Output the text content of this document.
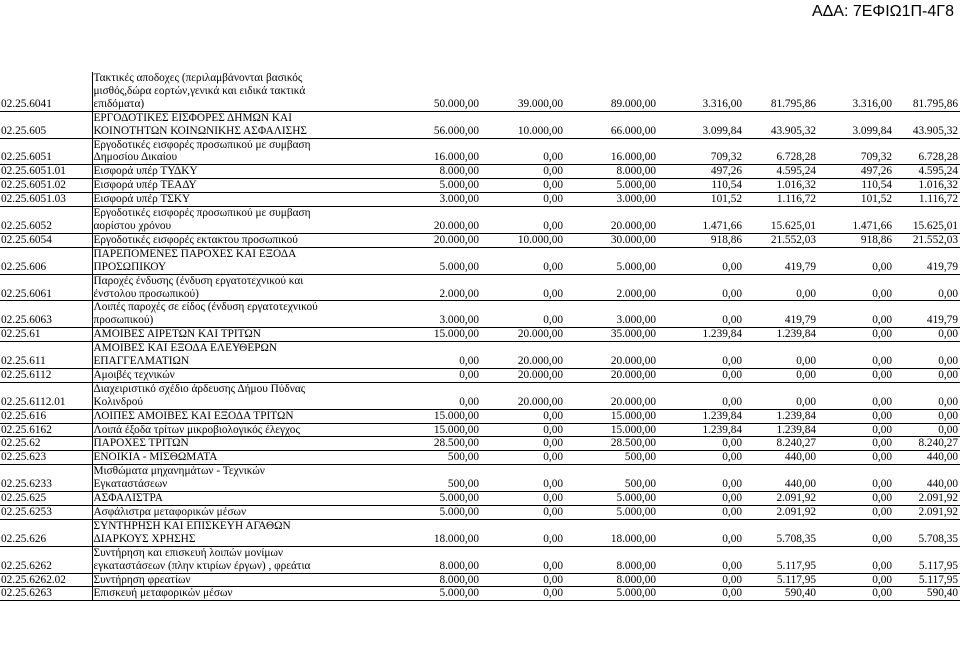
ΑΔΑ: 7ΕΦΙΩ1Π-4Γ8
02.25.6041	Τακτικές αποδοχες (περιλαμβάνονται βασικός
μισθός,δώρα εορτών,γενικά και ειδικά τακτικά
επιδόματα)	50.000,00	39.000,00	89.000,00	3.316,00	81.795,86	3.316,00	81.795,86
02.25.605	ΕΡΓΟΔΟΤΙΚΕΣ ΕΙΣΦΟΡΕΣ ΔΗΜΩΝ ΚΑΙ
ΚΟΙΝΟΤΗΤΩΝ ΚΟΙΝΩΝΙΚΗΣ ΑΣΦΑΛΙΣΗΣ	56.000,00	10.000,00	66.000,00	3.099,84	43.905,32	3.099,84	43.905,32
02.25.6051	Εργοδοτικές εισφορές προσωπικού με συμβαση
Δημοσίου Δικαίου	16.000,00	0,00	16.000,00	709,32	6.728,28	709,32	6.728,28
02.25.6051.01	Εισφορά υπέρ ΤΥΔΚΥ	8.000,00	0,00	8.000,00	497,26	4.595,24	497,26	4.595,24
02.25.6051.02	Εισφορά υπέρ ΤΕΑΔΥ	5.000,00	0,00	5.000,00	110,54	1.016,32	110,54	1.016,32
02.25.6051.03	Εισφορά υπέρ ΤΣΚΥ	3.000,00	0,00	3.000,00	101,52	1.116,72	101,52	1.116,72
02.25.6052	Εργοδοτικές εισφορές προσωπικού με συμβαση
αορίστου χρόνου	20.000,00	0,00	20.000,00	1.471,66	15.625,01	1.471,66	15.625,01
02.25.6054	Εργοδοτικές εισφορές εκτακτου προσωπικού	20.000,00	10.000,00	30.000,00	918,86	21.552,03	918,86	21.552,03
02.25.606	ΠΑΡΕΠΟΜΕΝΕΣ ΠΑΡΟΧΕΣ ΚΑΙ ΕΞΟΔΑ
ΠΡΟΣΩΠΙΚΟΥ	5.000,00	0,00	5.000,00	0,00	419,79	0,00	419,79
02.25.6061	Παροχές ένδυσης (ένδυση εργατοτεχνικού και
ένστολου προσωπικού)	2.000,00	0,00	2.000,00	0,00	0,00	0,00	0,00
02.25.6063	Λοιπές παροχές σε είδος (ένδυση εργατοτεχνικού
προσωπικού)	3.000,00	0,00	3.000,00	0,00	419,79	0,00	419,79
02.25.61	ΑΜΟΙΒΕΣ ΑΙΡΕΤΩΝ ΚΑΙ ΤΡΙΤΩΝ	15.000,00	20.000,00	35.000,00	1.239,84	1.239,84	0,00	0,00
02.25.611	ΑΜΟΙΒΕΣ ΚΑΙ ΕΞΟΔΑ ΕΛΕΥΘΕΡΩΝ
ΕΠΑΓΓΕΛΜΑΤΙΩΝ	0,00	20.000,00	20.000,00	0,00	0,00	0,00	0,00
02.25.6112	Αμοιβές τεχνικών	0,00	20.000,00	20.000,00	0,00	0,00	0,00	0,00
02.25.6112.01	Διαχειριστικό σχέδιο άρδευσης Δήμου Πύδνας
Κολινδρού	0,00	20.000,00	20.000,00	0,00	0,00	0,00	0,00
02.25.616	ΛΟΙΠΕΣ ΑΜΟΙΒΕΣ ΚΑΙ ΕΞΟΔΑ ΤΡΙΤΩΝ	15.000,00	0,00	15.000,00	1.239,84	1.239,84	0,00	0,00
02.25.6162	Λοιπά έξοδα τρίτων μικροβιολογικός έλεγχος	15.000,00	0,00	15.000,00	1.239,84	1.239,84	0,00	0,00
02.25.62	ΠΑΡΟΧΕΣ ΤΡΙΤΩΝ	28.500,00	0,00	28.500,00	0,00	8.240,27	0,00	8.240,27
02.25.623	ΕΝΟΙΚΙΑ - ΜΙΣΘΩΜΑΤΑ	500,00	0,00	500,00	0,00	440,00	0,00	440,00
02.25.6233	Μισθώματα μηχανημάτων - Τεχνικών
Εγκαταστάσεων	500,00	0,00	500,00	0,00	440,00	0,00	440,00
02.25.625	ΑΣΦΑΛΙΣΤΡΑ	5.000,00	0,00	5.000,00	0,00	2.091,92	0,00	2.091,92
02.25.6253	Ασφάλιστρα μεταφορικών μέσων	5.000,00	0,00	5.000,00	0,00	2.091,92	0,00	2.091,92
02.25.626	ΣΥΝΤΗΡΗΣΗ ΚΑΙ ΕΠΙΣΚΕΥΗ ΑΓΑΘΩΝ
ΔΙΑΡΚΟΥΣ ΧΡΗΣΗΣ	18.000,00	0,00	18.000,00	0,00	5.708,35	0,00	5.708,35
02.25.6262	Συντήρηση και επισκευή λοιπών μονίμων
εγκαταστάσεων (πλην κτιρίων έργων) , φρεάτια	8.000,00	0,00	8.000,00	0,00	5.117,95	0,00	5.117,95
02.25.6262.02	Συντήρηση φρεατίων	8.000,00	0,00	8.000,00	0,00	5.117,95	0,00	5.117,95
02.25.6263	Επισκευή μεταφορικών μέσων	5.000,00	0,00	5.000,00	0,00	590,40	0,00	590,40
